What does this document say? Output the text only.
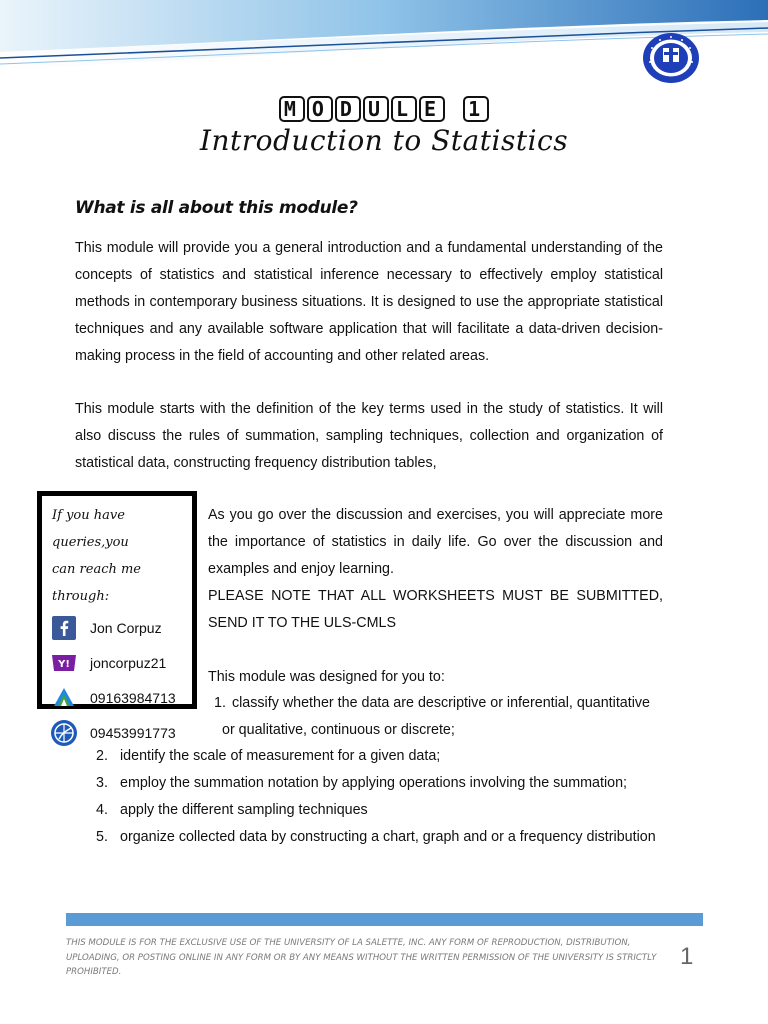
M O D U L E 1
Introduction to Statistics
What is all about this module?

This module will provide you a general introduction and a fundamental understanding of the concepts of statistics and statistical inference necessary to effectively employ statistical methods in contemporary business situations. It is designed to use the appropriate statistical techniques and any available software application that will facilitate a data-driven decision-making process in the field of accounting and other related areas.

This module starts with the definition of the key terms used in the study of statistics. It will also discuss the rules of summation, sampling techniques, collection and organization of statistical data, constructing frequency distribution tables,

If you have queries,you
can reach me through:
Jon Corpuz
Y! joncorpuz21
09163984713
09453991773

As you go over the discussion and exercises, you will appreciate more the importance of statistics in daily life. Go over the discussion and examples and enjoy learning.

PLEASE NOTE THAT ALL WORKSHEETS MUST BE SUBMITTED, SEND IT TO THE ULS-CMLS

This module was designed for you to:
1. classify whether the data are descriptive or inferential, quantitative
or qualitative, continuous or discrete;
2. identify the scale of measurement for a given data;
3. employ the summation notation by applying operations involving the summation;
4. apply the different sampling techniques
5. organize collected data by constructing a chart, graph and or a frequency distribution
THIS MODULE IS FOR THE EXCLUSIVE USE OF THE UNIVERSITY OF LA SALETTE, INC. ANY FORM OF REPRODUCTION, DISTRIBUTION, UPLOADING, OR POSTING ONLINE IN ANY FORM OR BY ANY MEANS WITHOUT THE WRITTEN PERMISSION OF THE UNIVERSITY IS STRICTLY PROHIBITED.
1
